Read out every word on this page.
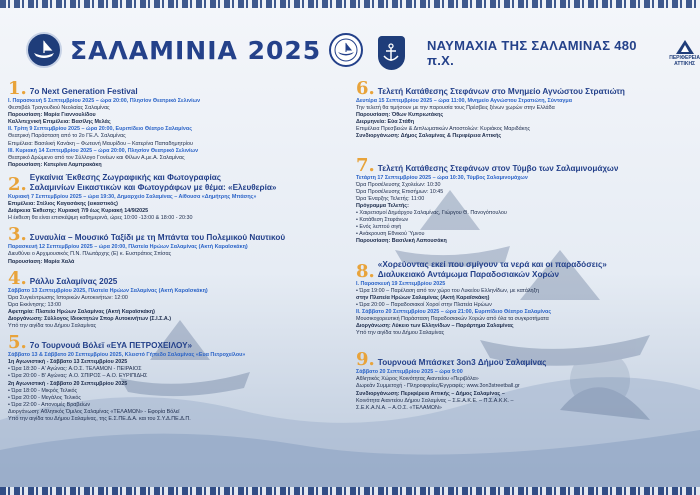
ΣΑΛΑΜΙΝΙΑ 2025	ΝΑΥΜΑΧΙΑ ΤΗΣ ΣΑΛΑΜΙΝΑΣ 480 π.Χ.	ΠΕΡΙΦΕΡΕΙΑ
ΑΤΤΙΚΗΣ
1. 7ο Next Generation Festival
I. Παρασκευή 5 Σεπτεμβρίου 2025 – ώρα 20:00, Πλησίον Θεατρικό Σελινίων
Φεστιβάλ Τραγουδιού Νεολαίας Σαλαμίνας
Παρουσίαση: Μαρία Γιαννουλίδου
Καλλιτεχνική Επιμέλεια: Βασίλης Μελάς
II. Τρίτη 9 Σεπτεμβρίου 2025 – ώρα 20:00, Ευριπίδειο Θέατρο Σαλαμίνας
Θεατρική Παράσταση από το 2ο ΓΕ.Λ. Σαλαμίνας
Επιμέλεια: Βασιλική Κανάκη – Φωτεινή Μαυρίδου – Κατερίνα Παπαδημητρίου
III. Κυριακή 14 Σεπτεμβρίου 2025 – ώρα 20:00, Πλησίον Θεατρικό Σελινίων
Θεατρικό Δρώμενο από τον Σύλλογο Γονέων και Φίλων Α.με.Α. Σαλαμίνας
Παρουσίαση: Κατερίνα Λαμπρακάκη
2. Εγκαίνια Έκθεσης Ζωγραφικής και Φωτογραφίας
Σαλαμινίων Εικαστικών και Φωτογράφων με θέμα: «Ελευθερία»
Κυριακή 7 Σεπτεμβρίου 2025 – ώρα 19:30, Δημαρχείο Σαλαμίνας – Αίθουσα «Δημήτρης Μπάσης»
Επιμέλεια: Στέλιος Καγασάκης (εικαστικός)
Διάρκεια Έκθεσης: Κυριακή 7/9 έως Κυριακή 14/9/2025
Η έκθεση θα είναι επισκέψιμη καθημερινά, ώρες 10:00 -13:00 & 18:00 - 20:30
3. Συναυλία – Μουσικό Ταξίδι με τη Μπάντα του Πολεμικού Ναυτικού
Παρασκευή 12 Σεπτεμβρίου 2025 – ώρα 20:00, Πλατεία Ηρώων Σαλαμίνας (Ακτή Καραϊσκάκη)
Διευθύνει ο Αρχιμουσικός Π.Ν. Πλωτάρχης (Ε) κ. Ευστράτιος Σπίσας
Παρουσίαση: Μαρία Χαλά
4. Ράλλυ Σαλαμίνας 2025
Σάββατο 13 Σεπτεμβρίου 2025, Πλατεία Ηρώων Σαλαμίνας (Ακτή Καραϊσκάκη)
Ώρα Συγκέντρωσης Ιστορικών Αυτοκινήτων: 12:00
Ώρα Εκκίνησης: 13:00
Αφετηρία: Πλατεία Ηρώων Σαλαμίνας (Ακτή Καραϊσκάκη)
Διοργάνωση: Σύλλογος Ιδιοκτητών Σπορ Αυτοκινήτων (Σ.Ι.Σ.Α.)
Υπό την αιγίδα του Δήμου Σαλαμίνας
5. 7ο Τουρνουά Βόλεϊ «ΕΥΑ ΠΕΤΡΟΧΕΙΛΟΥ»
Σάββατο 13 & Σάββατο 20 Σεπτεμβρίου 2025, Κλειστό Γήπεδο Σαλαμίνας «Ευα Πετροχείλου»
1η Αγωνιστική - Σάββατο 13 Σεπτεμβρίου 2025
• Ώρα 18:30 - Α' Αγώνας: Α.Ο.Σ. ΤΕΛΑΜΩΝ - ΠΕΙΡΑΙΟΣ
• Ώρα 20:00 - Β' Αγώνας: Α.Ο. ΣΠΙΡΟΣ – Α.Ο. ΕΥΡΙΠΙΔΗΣ
2η Αγωνιστική - Σάββατο 20 Σεπτεμβρίου 2025
• Ώρα 18:00 - Μικρός Τελικός
• Ώρα 20:00 - Μεγάλος Τελικός
• Ώρα 22:00 - Απονομές Βραβείων
Διοργάνωση: Αθλητικός Όμιλος Σαλαμίνας «ΤΕΛΑΜΩΝ» - Εφορία Βόλεϊ
Υπό την αιγίδα του Δήμου Σαλαμίνας, της Ε.Σ.ΠΕ.Δ.Α. και του Σ.Υ.Δ.ΠΕ.Δ.Π.
6. Τελετή Κατάθεσης Στεφάνων στο Μνημείο Αγνώστου Στρατιώτη
Δευτέρα 15 Σεπτεμβρίου 2025 – ώρα 11:00, Μνημείο Αγνώστου Στρατιώτη, Σύνταγμα
Την τελετή θα τιμήσουν με την παρουσία τους Πρέσβεις ξένων χωρών στην Ελλάδα
Παρουσίαση: Όθων Κυπριωτάκης
Διερμηνεία: Εύα Στάθη
Επιμέλεια Πρεσβειών & Διπλωματικών Αποστολών: Κυριάκος Μαριδάκης
Συνδιοργάνωση: Δήμος Σαλαμίνας & Περιφέρεια Αττικής
7. Τελετή Κατάθεσης Στεφάνων στον Τύμβο των Σαλαμινομάχων
Τετάρτη 17 Σεπτεμβρίου 2025 – ώρα 10:30, Τύμβος Σαλαμινομάχων
Ώρα Προσέλευσης Σχολείων: 10:30
Ώρα Προσέλευσης Επισήμων: 10:45
Ώρα Έναρξης Τελετής: 11:00
Πρόγραμμα Τελετής:
• Χαιρετισμοί Δημάρχου Σαλαμίνας, Γιώργου Θ. Πανογόπουλου
• Κατάθεση Στεφάνων
• Ενός λεπτού σιγή
• Ανάκρουση Εθνικού Ύμνου
Παρουσίαση: Βασιλική Λαπουσάκη
8. «Χορεύοντας εκεί που σμίγουν τα νερά και οι παραδόσεις»
Διαλυκειακό Αντάμωμα Παραδοσιακών Χορών
I. Παρασκευή 19 Σεπτεμβρίου 2025
• Ώρα 19:00 – Παρέλαση από τον χώρο του Λυκείου Ελληνίδων, με κατάληξη
στην Πλατεία Ηρώων Σαλαμίνας (Ακτή Καραϊσκάκη)
• Ώρα 20:00 – Παραδοσιακοί Χοροί στην Πλατεία Ηρώων
II. Σάββατο 20 Σεπτεμβρίου 2025 – ώρα 21:00, Ευριπίδειο Θέατρο Σαλαμίνας
Μουσικοχορευτική Παράσταση Παραδοσιακών Χορών από όλα τα συγκροτήματα
Διοργάνωση: Λύκειο των Ελληνίδων – Παράρτημα Σαλαμίνας
Υπό την αιγίδα του Δήμου Σαλαμίνας
9. Τουρνουά Μπάσκετ 3on3 Δήμου Σαλαμίνας
Σάββατο 20 Σεπτεμβρίου 2025 – ώρα 9:00
Αθλητικός Χώρος Κοινότητας Αιαντείου «Περιβόλα»
Δωρεάν Συμμετοχή - Πληροφορίες/Εγγραφές: www.3on3streetball.gr
Συνδιοργάνωση: Περιφέρεια Αττικής – Δήμος Σαλαμίνας –
Κοινότητα Αιαντείου Δήμου Σαλαμίνας – Σ.Ε.Α.Κ.Ε. – Π.Σ.Α.Κ.Κ. –
Σ.Ε.Κ.Α.Ν.Α. – Α.Ο.Σ. «ΤΕΛΑΜΩΝ»
